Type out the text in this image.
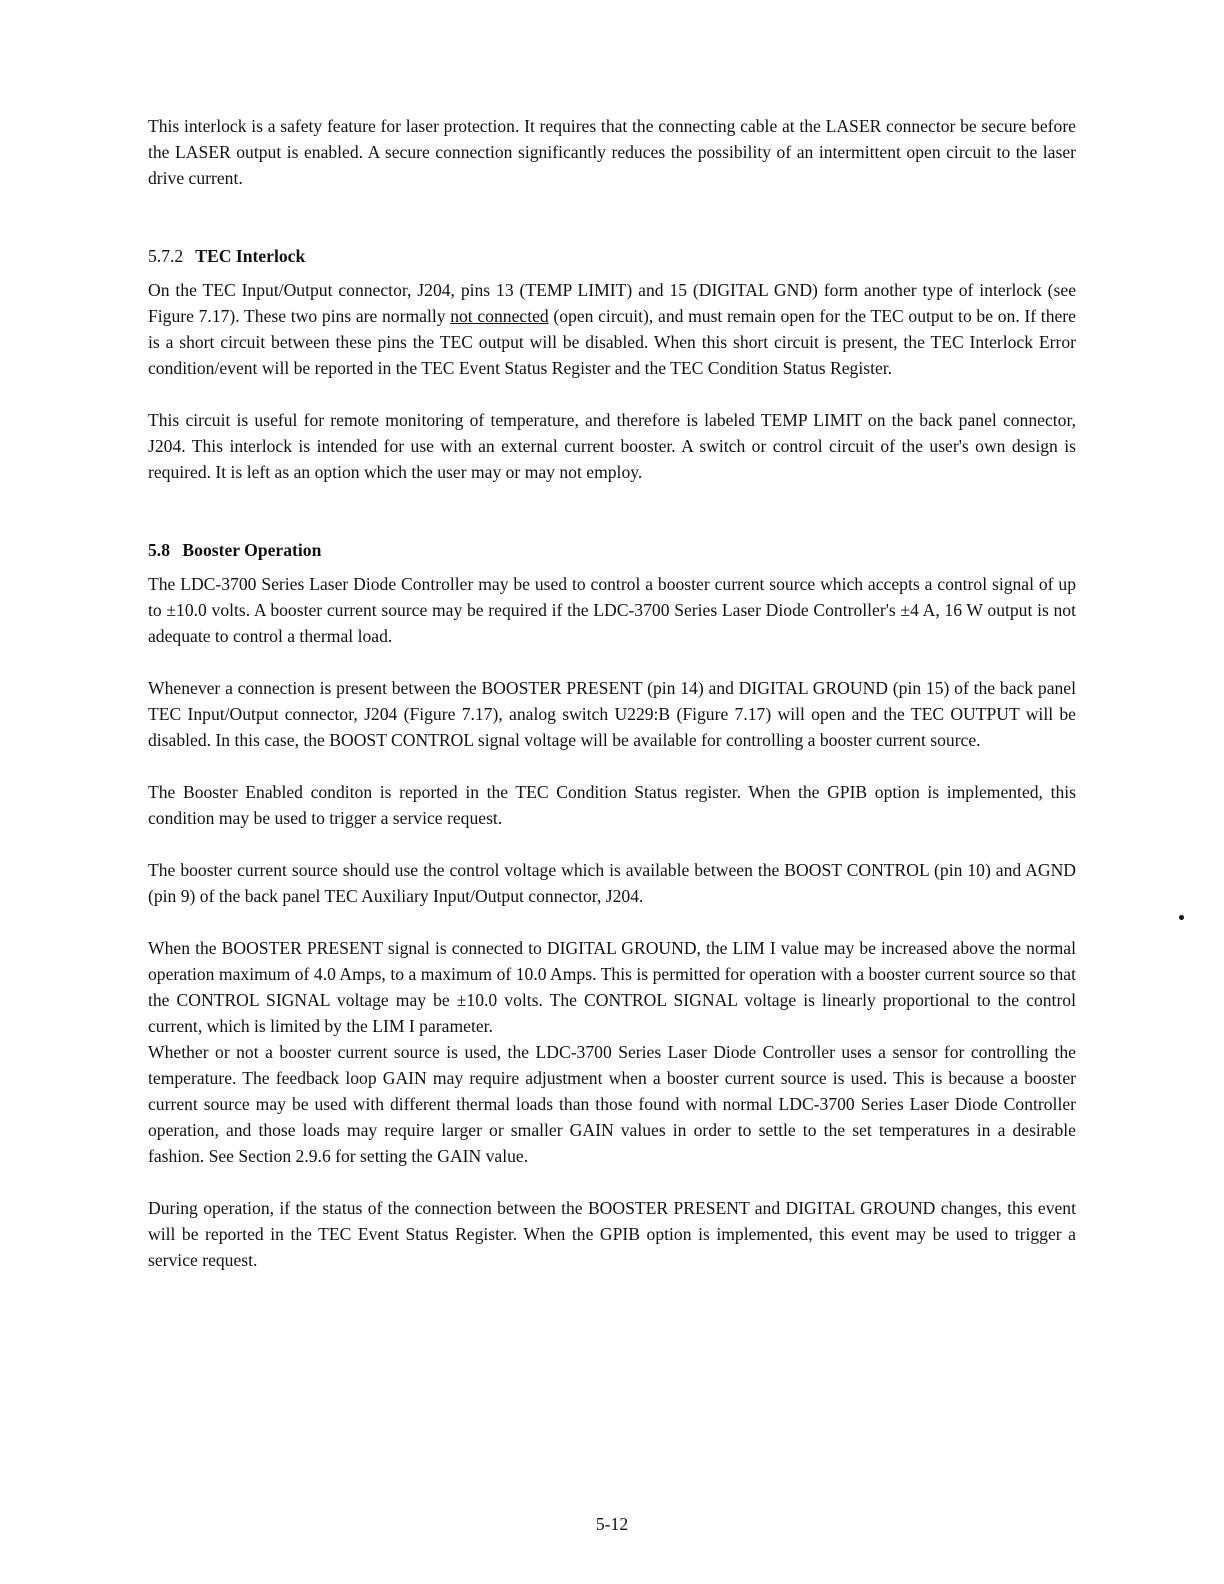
This interlock is a safety feature for laser protection. It requires that the connecting cable at the LASER connector be secure before the LASER output is enabled. A secure connection significantly reduces the possibility of an intermittent open circuit to the laser drive current.

5.7.2 TEC Interlock

On the TEC Input/Output connector, J204, pins 13 (TEMP LIMIT) and 15 (DIGITAL GND) form another type of interlock (see Figure 7.17). These two pins are normally not connected (open circuit), and must remain open for the TEC output to be on. If there is a short circuit between these pins the TEC output will be disabled. When this short circuit is present, the TEC Interlock Error condition/event will be reported in the TEC Event Status Register and the TEC Condition Status Register.

This circuit is useful for remote monitoring of temperature, and therefore is labeled TEMP LIMIT on the back panel connector, J204. This interlock is intended for use with an external current booster. A switch or control circuit of the user's own design is required. It is left as an option which the user may or may not employ.

5.8 Booster Operation

The LDC-3700 Series Laser Diode Controller may be used to control a booster current source which accepts a control signal of up to ±10.0 volts. A booster current source may be required if the LDC-3700 Series Laser Diode Controller's ±4 A, 16 W output is not adequate to control a thermal load.

Whenever a connection is present between the BOOSTER PRESENT (pin 14) and DIGITAL GROUND (pin 15) of the back panel TEC Input/Output connector, J204 (Figure 7.17), analog switch U229:B (Figure 7.17) will open and the TEC OUTPUT will be disabled. In this case, the BOOST CONTROL signal voltage will be available for controlling a booster current source.

The Booster Enabled conditon is reported in the TEC Condition Status register. When the GPIB option is implemented, this condition may be used to trigger a service request.

The booster current source should use the control voltage which is available between the BOOST CONTROL (pin 10) and AGND (pin 9) of the back panel TEC Auxiliary Input/Output connector, J204.

When the BOOSTER PRESENT signal is connected to DIGITAL GROUND, the LIM I value may be increased above the normal operation maximum of 4.0 Amps, to a maximum of 10.0 Amps. This is permitted for operation with a booster current source so that the CONTROL SIGNAL voltage may be ±10.0 volts. The CONTROL SIGNAL voltage is linearly proportional to the control current, which is limited by the LIM I parameter.

Whether or not a booster current source is used, the LDC-3700 Series Laser Diode Controller uses a sensor for controlling the temperature. The feedback loop GAIN may require adjustment when a booster current source is used. This is because a booster current source may be used with different thermal loads than those found with normal LDC-3700 Series Laser Diode Controller operation, and those loads may require larger or smaller GAIN values in order to settle to the set temperatures in a desirable fashion. See Section 2.9.6 for setting the GAIN value.

During operation, if the status of the connection between the BOOSTER PRESENT and DIGITAL GROUND changes, this event will be reported in the TEC Event Status Register. When the GPIB option is implemented, this event may be used to trigger a service request.

5-12
